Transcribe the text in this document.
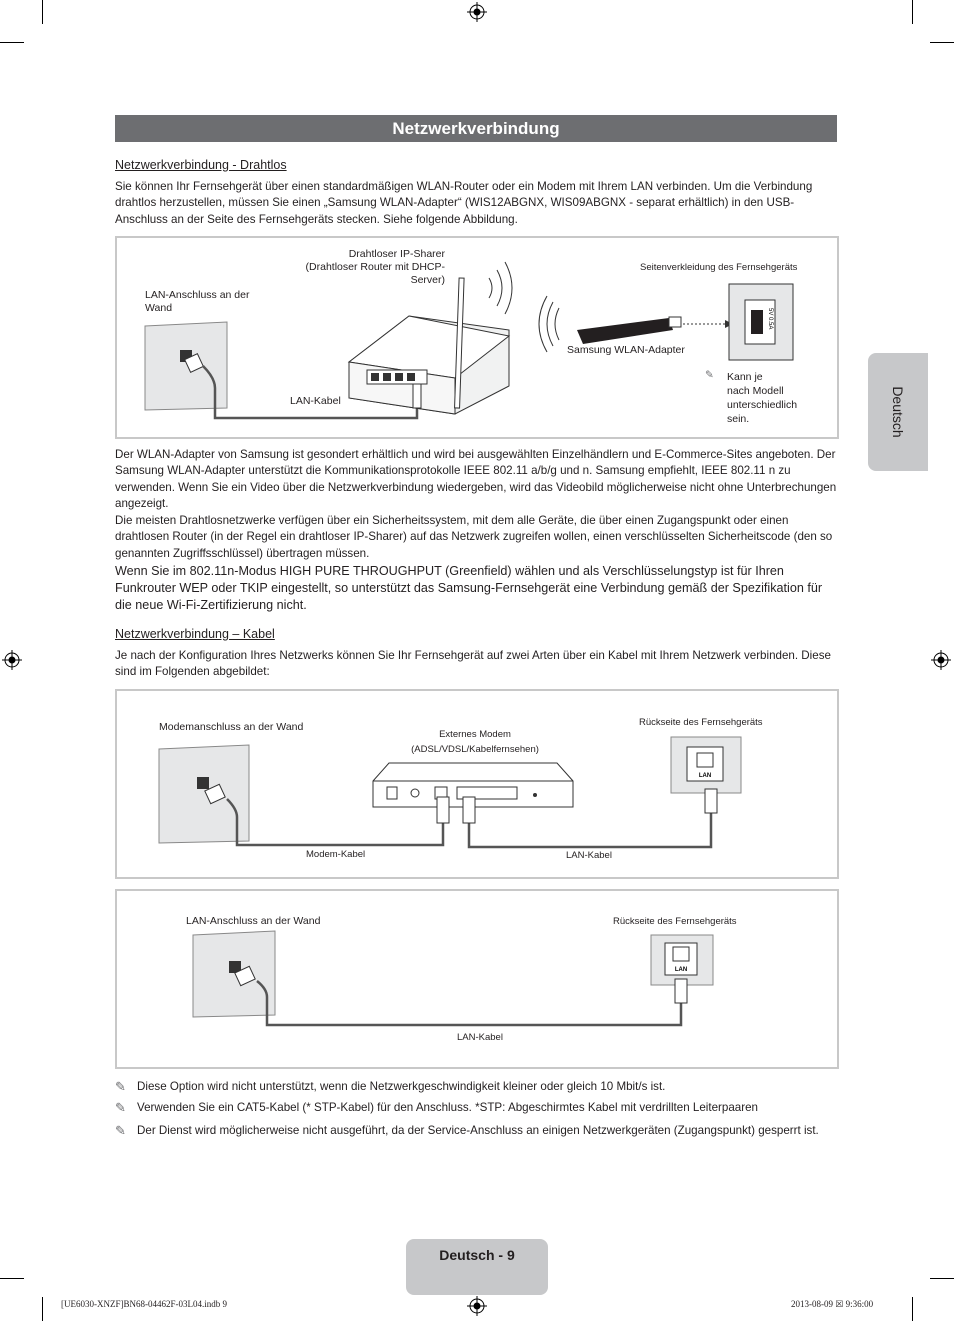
Netzwerkverbindung
Deutsch
Netzwerkverbindung - Drahtlos
Sie können Ihr Fernsehgerät über einen standardmäßigen WLAN-Router oder ein Modem mit Ihrem LAN verbinden. Um die Verbindung drahtlos herzustellen, müssen Sie einen „Samsung WLAN-Adapter“ (WIS12ABGNX, WIS09ABGNX - separat erhältlich) in den USB-Anschluss an der Seite des Fernsehgeräts stecken. Siehe folgende Abbildung.
5V 0.5A
Drahtloser IP-Sharer
(Drahtloser Router mit DHCP-
Server)
LAN-Anschluss an der
Wand
Seitenverkleidung des Fernsehgeräts
Samsung WLAN-Adapter
LAN-Kabel
✎ Kann je
nach Modell
unterschiedlich
sein.
Der WLAN-Adapter von Samsung ist gesondert erhältlich und wird bei ausgewählten Einzelhändlern und E-Commerce-Sites angeboten. Der Samsung WLAN-Adapter unterstützt die Kommunikationsprotokolle IEEE 802.11 a/b/g und n. Samsung empfiehlt, IEEE 802.11 n zu verwenden. Wenn Sie ein Video über die Netzwerkverbindung wiedergeben, wird das Videobild möglicherweise nicht ohne Unterbrechungen angezeigt.
Die meisten Drahtlosnetzwerke verfügen über ein Sicherheitssystem, mit dem alle Geräte, die über einen Zugangspunkt oder einen drahtlosen Router (in der Regel ein drahtloser IP-Sharer) auf das Netzwerk zugreifen wollen, einen verschlüsselten Sicherheitscode (den so genannten Zugriffsschlüssel) übertragen müssen.
Wenn Sie im 802.11n-Modus HIGH PURE THROUGHPUT (Greenfield) wählen und als Verschlüsselungstyp ist für Ihren Funkrouter WEP oder TKIP eingestellt, so unterstützt das Samsung-Fernsehgerät eine Verbindung gemäß der Spezifikation für die neue Wi-Fi-Zertifizierung nicht.
Netzwerkverbindung – Kabel
Je nach der Konfiguration Ihres Netzwerks können Sie Ihr Fernsehgerät auf zwei Arten über ein Kabel mit Ihrem Netzwerk verbinden. Diese sind im Folgenden abgebildet:
LAN
Modemanschluss an der Wand
Externes Modem
(ADSL/VDSL/Kabelfernsehen)
Rückseite des Fernsehgeräts
Modem-Kabel	LAN-Kabel
LAN
LAN-Anschluss an der Wand	Rückseite des Fernsehgeräts
LAN-Kabel
✎ Diese Option wird nicht unterstützt, wenn die Netzwerkgeschwindigkeit kleiner oder gleich 10 Mbit/s ist.
✎ Verwenden Sie ein CAT5-Kabel (* STP-Kabel) für den Anschluss. *STP: Abgeschirmtes Kabel mit verdrillten Leiterpaaren
✎ Der Dienst wird möglicherweise nicht ausgeführt, da der Service-Anschluss an einigen Netzwerkgeräten (Zugangspunkt) gesperrt ist.
Deutsch - 9
[UE6030-XNZF]BN68-04462F-03L04.indb 9	2013-08-09 ☒ 9:36:00
